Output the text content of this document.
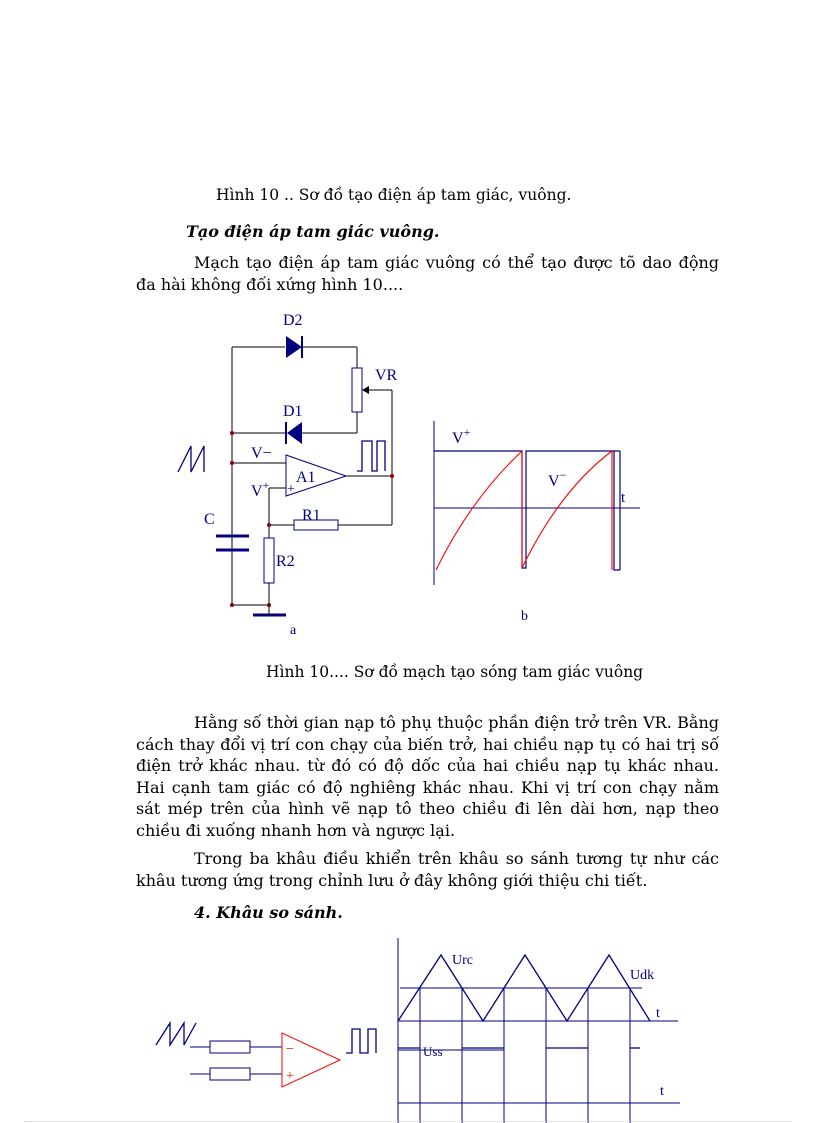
Hình 10 .. Sơ đồ tạo điện áp tam giác, vuông.
Tạo điện áp tam giác vuông.
Mạch tạo điện áp tam giác vuông có thể tạo được tõ dao động đa hài không đối xứng hình 10....
D2
VR
D1
V−
V+ A1
+
C	R1
R2
a
V+
V−
t
b
Hình 10.... Sơ đồ mạch tạo sóng tam giác vuông
Hằng số thời gian nạp tô phụ thuộc phần điện trở trên VR. Bằng cách thay đổi vị trí con chạy của biến trở, hai chiều nạp tụ có hai trị số điện trở khác nhau. từ đó có độ dốc của hai chiều nạp tụ khác nhau. Hai cạnh tam giác có độ nghiêng khác nhau. Khi vị trí con chạy nằm sát mép trên của hình vẽ nạp tô theo chiều đi lên dài hơn, nạp theo chiều đi xuống nhanh hơn và ngược lại.
Trong ba khâu điều khiển trên khâu so sánh tương tự như các khâu tương ứng trong chỉnh lưu ở đây không giới thiệu chi tiết.
4. Khâu so sánh.
−
+
Urc
Udk
t
Uss
t
